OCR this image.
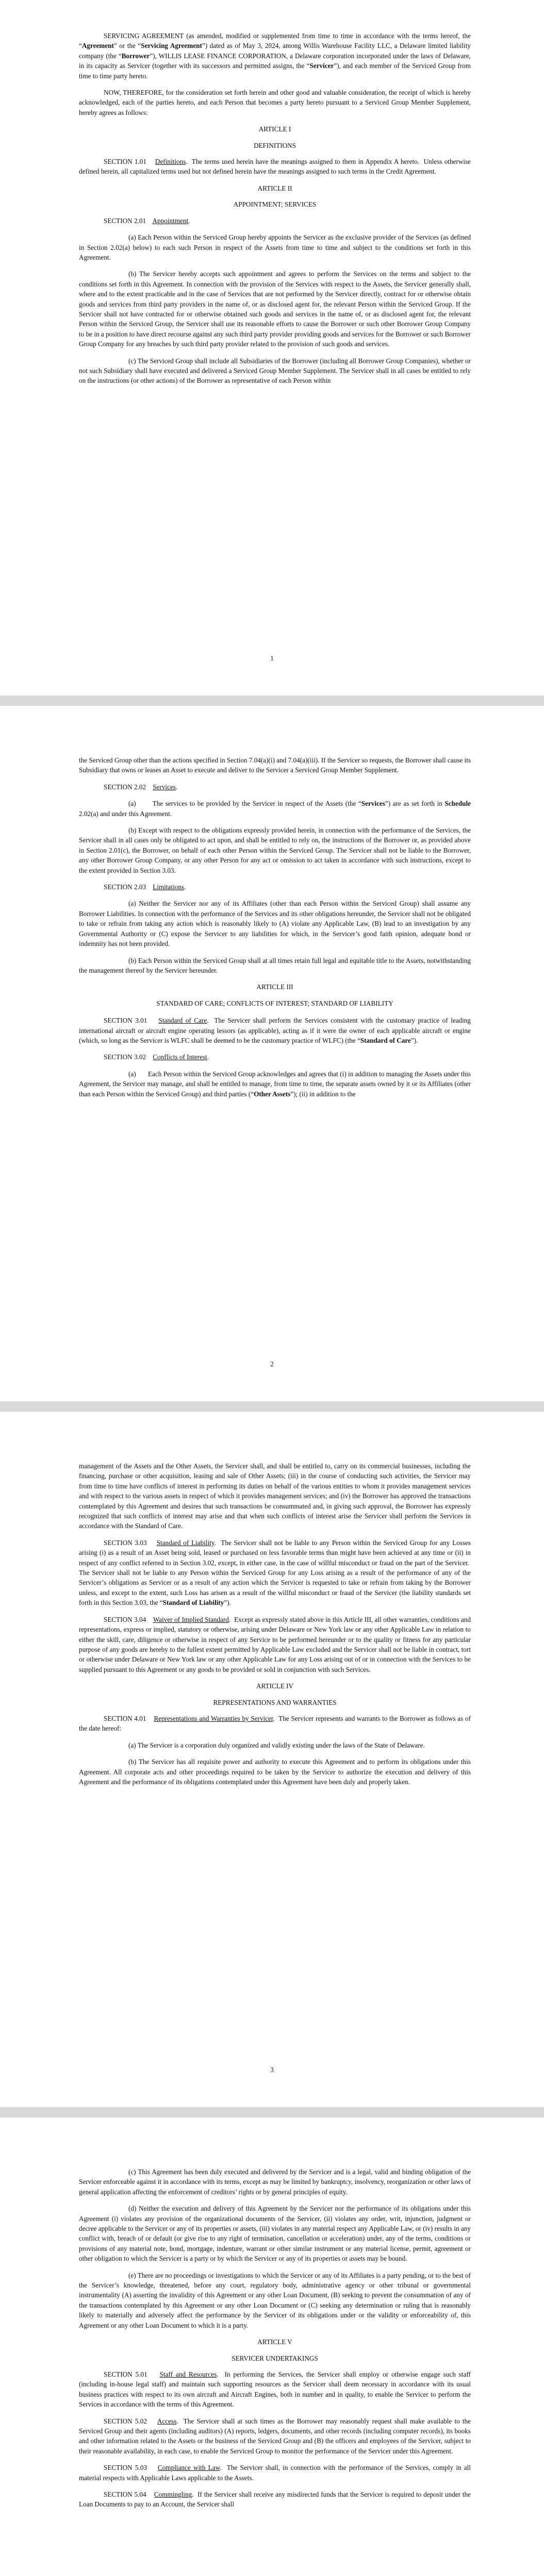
SERVICING AGREEMENT (as amended, modified or supplemented from time to time in accordance with the terms hereof, the “Agreement” or the “Servicing Agreement”) dated as of May 3, 2024, among Willis Warehouse Facility LLC, a Delaware limited liability company (the “Borrower”), WILLIS LEASE FINANCE CORPORATION, a Delaware corporation incorporated under the laws of Delaware, in its capacity as Servicer (together with its successors and permitted assigns, the “Servicer”), and each member of the Serviced Group from time to time party hereto.

NOW, THEREFORE, for the consideration set forth herein and other good and valuable consideration, the receipt of which is hereby acknowledged, each of the parties hereto, and each Person that becomes a party hereto pursuant to a Serviced Group Member Supplement, hereby agrees as follows:

ARTICLE I

DEFINITIONS

SECTION 1.01    Definitions.  The terms used herein have the meanings assigned to them in Appendix A hereto.  Unless otherwise defined herein, all capitalized terms used but not defined herein have the meanings assigned to such terms in the Credit Agreement.

ARTICLE II

APPOINTMENT; SERVICES

SECTION 2.01    Appointment.

(a) Each Person within the Serviced Group hereby appoints the Servicer as the exclusive provider of the Services (as defined in Section 2.02(a) below) to each such Person in respect of the Assets from time to time and subject to the conditions set forth in this Agreement.

(b) The Servicer hereby accepts such appointment and agrees to perform the Services on the terms and subject to the conditions set forth in this Agreement. In connection with the provision of the Services with respect to the Assets, the Servicer generally shall, where and to the extent practicable and in the case of Services that are not performed by the Servicer directly, contract for or otherwise obtain goods and services from third party providers in the name of, or as disclosed agent for, the relevant Person within the Serviced Group. If the Servicer shall not have contracted for or otherwise obtained such goods and services in the name of, or as disclosed agent for, the relevant Person within the Serviced Group, the Servicer shall use its reasonable efforts to cause the Borrower or such other Borrower Group Company to be in a position to have direct recourse against any such third party provider providing goods and services for the Borrower or such Borrower Group Company for any breaches by such third party provider related to the provision of such goods and services.

(c) The Serviced Group shall include all Subsidiaries of the Borrower (including all Borrower Group Companies), whether or not such Subsidiary shall have executed and delivered a Serviced Group Member Supplement. The Servicer shall in all cases be entitled to rely on the instructions (or other actions) of the Borrower as representative of each Person within

1

the Serviced Group other than the actions specified in Section 7.04(a)(i) and 7.04(a)(iii). If the Servicer so requests, the Borrower shall cause its Subsidiary that owns or leases an Asset to execute and deliver to the Servicer a Serviced Group Member Supplement.

SECTION 2.02    Services.

(a)       The services to be provided by the Servicer in respect of the Assets (the “Services”) are as set forth in Schedule 2.02(a) and under this Agreement.

(b) Except with respect to the obligations expressly provided herein, in connection with the performance of the Services, the Servicer shall in all cases only be obligated to act upon, and shall be entitled to rely on, the instructions of the Borrower or, as provided above in Section 2.01(c), the Borrower, on behalf of each other Person within the Serviced Group. The Servicer shall not be liable to the Borrower, any other Borrower Group Company, or any other Person for any act or omission to act taken in accordance with such instructions, except to the extent provided in Section 3.03.

SECTION 2.03    Limitations.

(a) Neither the Servicer nor any of its Affiliates (other than each Person within the Serviced Group) shall assume any Borrower Liabilities. In connection with the performance of the Services and its other obligations hereunder, the Servicer shall not be obligated to take or refrain from taking any action which is reasonably likely to (A) violate any Applicable Law, (B) lead to an investigation by any Governmental Authority or (C) expose the Servicer to any liabilities for which, in the Servicer’s good faith opinion, adequate bond or indemnity has not been provided.

(b) Each Person within the Serviced Group shall at all times retain full legal and equitable title to the Assets, notwithstanding the management thereof by the Servicer hereunder.

ARTICLE III

STANDARD OF CARE; CONFLICTS OF INTEREST; STANDARD OF LIABILITY

SECTION 3.01    Standard of Care.  The Servicer shall perform the Services consistent with the customary practice of leading international aircraft or aircraft engine operating lessors (as applicable), acting as if it were the owner of each applicable aircraft or engine (which, so long as the Servicer is WLFC shall be deemed to be the customary practice of WLFC) (the “Standard of Care”).

SECTION 3.02    Conflicts of Interest.

(a)       Each Person within the Serviced Group acknowledges and agrees that (i) in addition to managing the Assets under this Agreement, the Servicer may manage, and shall be entitled to manage, from time to time, the separate assets owned by it or its Affiliates (other than each Person within the Serviced Group) and third parties (“Other Assets”); (ii) in addition to the

2

management of the Assets and the Other Assets, the Servicer shall, and shall be entitled to, carry on its commercial businesses, including the financing, purchase or other acquisition, leasing and sale of Other Assets; (iii) in the course of conducting such activities, the Servicer may from time to time have conflicts of interest in performing its duties on behalf of the various entities to whom it provides management services and with respect to the various assets in respect of which it provides management services; and (iv) the Borrower has approved the transactions contemplated by this Agreement and desires that such transactions be consummated and, in giving such approval, the Borrower has expressly recognized that such conflicts of interest may arise and that when such conflicts of interest arise the Servicer shall perform the Services in accordance with the Standard of Care.

SECTION 3.03    Standard of Liability.  The Servicer shall not be liable to any Person within the Serviced Group for any Losses arising (i) as a result of an Asset being sold, leased or purchased on less favorable terms than might have been achieved at any time or (ii) in respect of any conflict referred to in Section 3.02, except, in either case, in the case of willful misconduct or fraud on the part of the Servicer.  The Servicer shall not be liable to any Person within the Serviced Group for any Loss arising as a result of the performance of any of the Servicer’s obligations as Servicer or as a result of any action which the Servicer is requested to take or refrain from taking by the Borrower unless, and except to the extent, such Loss has arisen as a result of the willful misconduct or fraud of the Servicer (the liability standards set forth in this Section 3.03, the “Standard of Liability”).

SECTION 3.04    Waiver of Implied Standard.  Except as expressly stated above in this Article III, all other warranties, conditions and representations, express or implied, statutory or otherwise, arising under Delaware or New York law or any other Applicable Law in relation to either the skill, care, diligence or otherwise in respect of any Service to be performed hereunder or to the quality or fitness for any particular purpose of any goods are hereby to the fullest extent permitted by Applicable Law excluded and the Servicer shall not be liable in contract, tort or otherwise under Delaware or New York law or any other Applicable Law for any Loss arising out of or in connection with the Services to be supplied pursuant to this Agreement or any goods to be provided or sold in conjunction with such Services.

ARTICLE IV

REPRESENTATIONS AND WARRANTIES

SECTION 4.01    Representations and Warranties by Servicer.  The Servicer represents and warrants to the Borrower as follows as of the date hereof:

(a) The Servicer is a corporation duly organized and validly existing under the laws of the State of Delaware.

(b) The Servicer has all requisite power and authority to execute this Agreement and to perform its obligations under this Agreement. All corporate acts and other proceedings required to be taken by the Servicer to authorize the execution and delivery of this Agreement and the performance of its obligations contemplated under this Agreement have been duly and properly taken.

3

(c) This Agreement has been duly executed and delivered by the Servicer and is a legal, valid and binding obligation of the Servicer enforceable against it in accordance with its terms, except as may be limited by bankruptcy, insolvency, reorganization or other laws of general application affecting the enforcement of creditors’ rights or by general principles of equity.

(d) Neither the execution and delivery of this Agreement by the Servicer nor the performance of its obligations under this Agreement (i) violates any provision of the organizational documents of the Servicer, (ii) violates any order, writ, injunction, judgment or decree applicable to the Servicer or any of its properties or assets, (iii) violates in any material respect any Applicable Law, or (iv) results in any conflict with, breach of or default (or give rise to any right of termination, cancellation or acceleration) under, any of the terms, conditions or provisions of any material note, bond, mortgage, indenture, warrant or other similar instrument or any material license, permit, agreement or other obligation to which the Servicer is a party or by which the Servicer or any of its properties or assets may be bound.

(e) There are no proceedings or investigations to which the Servicer or any of its Affiliates is a party pending, or to the best of the Servicer’s knowledge, threatened, before any court, regulatory body, administrative agency or other tribunal or governmental instrumentality (A) asserting the invalidity of this Agreement or any other Loan Document, (B) seeking to prevent the consummation of any of the transactions contemplated by this Agreement or any other Loan Document or (C) seeking any determination or ruling that is reasonably likely to materially and adversely affect the performance by the Servicer of its obligations under or the validity or enforceability of, this Agreement or any other Loan Document to which it is a party.

ARTICLE V

SERVICER UNDERTAKINGS

SECTION 5.01    Staff and Resources.  In performing the Services, the Servicer shall employ or otherwise engage such staff (including in-house legal staff) and maintain such supporting resources as the Servicer shall deem necessary in accordance with its usual business practices with respect to its own aircraft and Aircraft Engines, both in number and in quality, to enable the Servicer to perform the Services in accordance with the terms of this Agreement.

SECTION 5.02    Access.  The Servicer shall at such times as the Borrower may reasonably request shall make available to the Serviced Group and their agents (including auditors) (A) reports, ledgers, documents, and other records (including computer records), its books and other information related to the Assets or the business of the Serviced Group and (B) the officers and employees of the Servicer, subject to their reasonable availability, in each case, to enable the Serviced Group to monitor the performance of the Servicer under this Agreement.

SECTION 5.03    Compliance with Law.  The Servicer shall, in connection with the performance of the Services, comply in all material respects with Applicable Laws applicable to the Assets.

SECTION 5.04    Commingling.  If the Servicer shall receive any misdirected funds that the Servicer is required to deposit under the Loan Documents to pay to an Account, the Servicer shall
